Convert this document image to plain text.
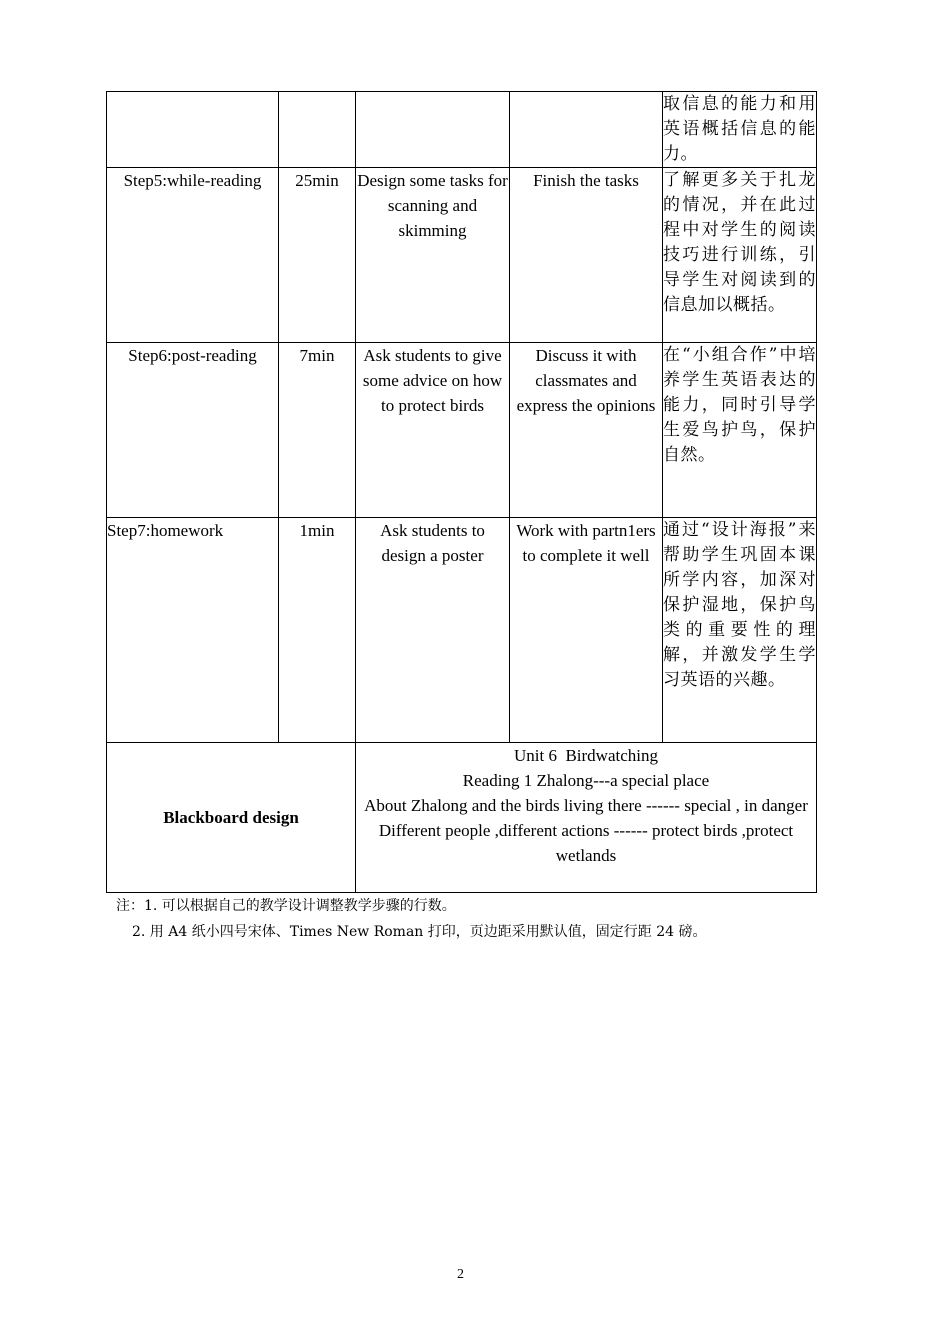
				取信息的能力和用英语概括信息的能力。
Step5:while-reading	25min	Design some tasks for scanning and skimming	Finish the tasks	了解更多关于扎龙的情况，并在此过程中对学生的阅读技巧进行训练，引导学生对阅读到的信息加以概括。
Step6:post-reading	7min	Ask students to give some advice on how to protect birds	Discuss it with classmates and express the opinions	在“小组合作”中培养学生英语表达的能力，同时引导学生爱鸟护鸟，保护自然。
Step7:homework	1min	Ask students to design a poster	Work with partn1ers to complete it well	通过“设计海报”来帮助学生巩固本课所学内容，加深对保护湿地，保护鸟类的重要性的理解，并激发学生学习英语的兴趣。
Blackboard design		Unit 6  Birdwatching
Reading 1 Zhalong---a special place
About Zhalong and the birds living there ------ special , in danger
Different people ,different actions ------ protect birds ,protect wetlands		
注：1. 可以根据自己的教学设计调整教学步骤的行数。
2. 用 A4 纸小四号宋体、Times New Roman 打印，页边距采用默认值，固定行距 24 磅。
2
